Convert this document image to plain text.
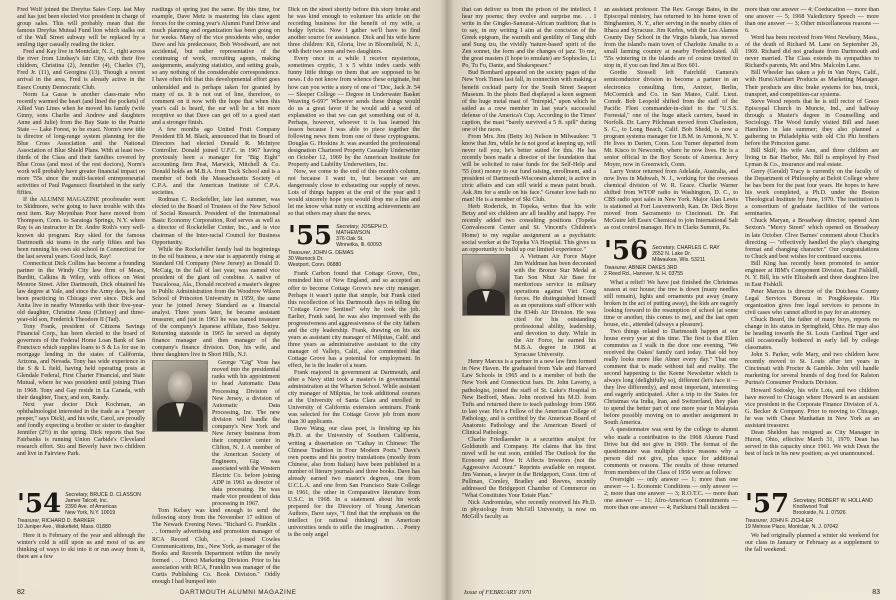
Fred Wolf joined the Dreyfus Sales Corp. last May and has just been elected vice president in charge of group sales. This will probably mean that the famous Dreyfus Mutual Fund lion which stalks out of the Wall Street subway will be replaced by a smiling tiger casually reading the ticker.

Fred and Kay live in Montclair, N. J., right across the river from Lindsay's fair City, with their five children, Christina (2), Jennifer (4), Charles (7), Fred Jr. (11), and Georgina (13). Though a recent arrival in the area, Fred is already active in the Essex County Democratic Club.

Norm La Gasse is another class-mate who recently warmed the heart (and lined the pockets) of Allied Van Lines when he moved his family (wife Ginny, sons Charlie and Andrew and daughters Anne and Julie) from the Bay State to the Prairie State — Lake Forest, to be exact. Norm's new title is director of long-range system planning for the Blue Cross Association and the National Association of Blue Shield Plans. With at least two-thirds of the Class and their families covered by Blue Cross (and most of the rest doctors), Norm's work will probably have greater financial impact on more '55s since the multi-faceted entrepreneurial activities of Paul Paganucci flourished in the early fifties.

If the ALUMNI MAGAZINE proofreader went to Skidmore, we're going to have trouble with this next item. Ray Moynihan Poor have moved from Thompson, Conn. to Saratoga Springs, N.Y. where Ray is an instructor in Dr. Andre Roth's very well-known ski program. Ray skied for the famous Dartmouth ski teams in the early fifties and has been running his own ski school in Connecticut for the last several years. Good luck, Ray!

Connecticut Dick Collins has become a founding partner in the Windy City law firm of Mears, Burditt, Calkins & Wiley, with offices on West Monroe Street. After Dartmouth, Dick obtained his law degree at Yale, and since the Army days, he has been practicing in Chicago ever since. Dick and Anita live in nearby Winnetka with their five-year-old daughter, Christine Anna (Chrissy) and three-year-old son, Frederick Theodore II (Tad).

Tony Frank, president of Citizens Savings Financial Corp., has been elected to the board of governors of the Federal Home Loan Bank of San Francisco which supplies loans to S & Ls for use in mortgage lending in the states of California, Arizona, and Nevada. Tony has wide experience in the S & L field, having held operating posts at Glendale Federal, First Charter Financial, and State Mutual, where he was president until joining Titan in 1968. Tony and Gay reside in La Canada, with their daughter, Tracy, and son, Randy.

Next year doctor Dick Kochman, an ophthalmologist interested in the trade as a "peeper peeper," says Dick), and his wife, Carol, are proudly and fondly expecting a brother or sister to daughter Jennifer (2½) in the spring. Dick reports that Sue Fairbanks is running Union Carbide's Cleveland research effort. Stu and Beverly have two children and live in Fairview Park.

'54 Secretary, BRUCE D. CLASSON
James Talcott, Inc.
2390 Ave. of Americas
New York, N.Y. 10019
Treasurer, RICHARD D. BARKER
10 Juniper Ave., Wakefield, Mass. 01880

Here it is February of the year and although the winter's cold is still upon us and most of us are thinking of ways to ski into it or run away from it, there are a few

rustlings of spring just the same. By this time, for example, Dave Metz is mastering his class agent forces for the coming year's Alumni Fund Drive and much planning and organization has been going on for weeks. Many of the vice presidents who, under Dave and his predecessor, Bob Woodward, are not accidental, but rather representative of the continuing of work, recruiting agents, making assignments, analyzing statistics, and setting goals, so any nothing of the considerable correspondence. I have often felt that this developmental effort goes unheralded and is perhaps taken for granted by many of us. It is not out of line, therefore, to comment on it now with the hope that when this year's call is heard, the ear will be a bit more receptive so that Dave can get off to a good start and a stronger finish.

A few months ago United Fruit Company President Eli M. Black, announced that its Board of Directors had elected Donald R. McIntyre Controller. Donald joined U.F.C. in 1967 having previously been a manager for "Big Eight" accounting firm Peat, Marwick, Mitchell & Co. Donald holds an M.B.A. from Tuck School and is a member of both the Massachusetts Society of C.P.A. and the American Institute of C.P.A. societies.

Rodman C. Rockefeller, late last summer, was elected to the Board of Trustees of the New School of Social Research. President of the International Basic Economy Corporation, Rod serves as well as a director of Rockefeller Center, Inc., and is vice chairman of the Inter-racial Council for Business Opportunity.

While the Rockefeller family had its beginnings in the oil business, a new star is apparently rising at Standard Oil Company (New Jersey) as Donald D. McCaig, in the fall of last year, was named vice president of the giant oil combine. A native of Tuscaloosa, Ala., Donald received a master's degree in Public Administration from the Woodrow Wilson School of Princeton University in 1959, the same year he joined Jersey Standard as a financial analyst. Three years later, he became assistant treasurer, and just in 1963 he was named treasurer of the company's Japanese affiliate, Esso Sekiyu. Returning stateside in 1965 he served as deputy finance manager and then manager of the company's finance division. Don, his wife, and three daughters live in Short Hills, N.J.

George "Gig" Voss has moved into the presidential ranks with his appointment to head Automatic Data Processing Division of New Jersey, a division of Automatic Data Processing, Inc. The new division will handle the company's New York and New Jersey business from their computer center in Clifton, N. J. A member of the American Society of Engineers, Gig was associated with the Western Electric Co. before joining ADP in 1961 as director of data processing. He was made vice president of data processing in 1967.

Tom Kelsey was kind enough to send the following story from the November 17 edition of The Newark Evening News. "Richard G. Franklin . . . formerly advertising and promotion manager of RCA Record Club, . . . joined Cowles Communications, Inc., New York, as manager of the Books and Records Department within the newly formed . . . Direct Marketing Division. Prior to his association with RCA, Franklin was manager of the Curtis Publishing Co. Book Division." Oddly enough I had bumped into

Dick on the street shortly before this story broke and he was kind enough to volunteer his article on the recording business for the benefit of my wife, a budgy lyricist. Now I gather we'll have to find another source for assistance. Dick and his wife have three children: Kit, Gloria, live in Bloomfield, N. J., with their two sons and two daughters.

Every once in a while I receive mysterious, sometimes cryptic, 3 x 5 white index cards with funny little things on them that are supposed to be news. I do not know from whence these originate, but how can you write a story of one of "Doc, Jack Jr. 54 — Sleeper College — Degree in Underwater Basket Weaving 6-69?" Whoever sends these things would do us a great favor if he would add a word of explanation so that we can get something out of it. Perhaps, however, whoever it is has learned his lesson because I was able to piece together the following news item from one of these cryptograms. Douglas G. Hoskins Jr. was awarded the professional designation Chartered Property Casualty Underwriter on October 12, 1969 by the American Institute for Property and Liability Underwriters, Inc.

Now, we come to the end of this month's column, not because I want to, but because we are dangerously close to exhausting our supply of news. Lots of things happen at the end of the year and I would sincerely hope you would drop me a line and let me know what nutty or exciting achievements are so that others may share the news.

'55 Secretary, JOSEPH D. MATHEWSON
376 Oak St.
Winnetka, Ill. 60093
Treasurer, JOHN G. DEMAS
30 Warnock Dr.
Westport, Conn. 06880

Frank Carbon found that Cottage Grove, Ore., reminded him of New England, and so accepted an offer to become Cottage Grove's new city manager. Perhaps it wasn't quite that simple, but Frank cited this recollection of his Dartmouth days in telling the "Cottage Grove Sentinel" why he took the job. Earlier, Frank said, he was also impressed with the progressiveness and aggressiveness of the city fathers and the city leadership. Frank, drawing on his six years as assistant city manager of Milpitas, Calif. and three years as administrative assistant to the city manager of Vallejo, Calif., also commented that Cottage Grove has a potential for employment. In effect, he is the leader of a team.

Frank majored in government at Dartmouth, and after a Navy stint took a master's in governmental administration at the Wharton School. While assistant city manager of Milpitas, he took additional courses at the University of Santa Clara and enrolled in University of California extension seminars. Frank was selected for the Cottage Grove job from more than 30 applicants.

Dave Wang, our class poet, is finishing up his Ph.D. at the University of Southern California, writing a dissertation on "Cathay in Chinese: The Chinese Tradition in Four Modern Poets." Dave's own poems and his poetry translations (mostly from Chinese, also from Italian) have been published in a number of literary journals and three books. Dave has already earned two master's degrees, one from U.C.L.A. and one from San Francisco State College in 1961, the other in Comparative literature from U.S.C. in 1968. In a statement about his work prepared for the Directory of Young American Authors, Dave says, "I find that the emphasis on the intellect (or rational thinking) in American universities tends to stifle the imagination. . . Poetry is the only angel

82	DARTMOUTH ALUMNI MAGAZINE

that can deliver us from the prison of the intellect. I hear my poems; they evolve and surprise me. . . I write in the Gingko-Samurai-African tradition; that is to say, in my writing I aim at the concision of the Greek epigram, the warmth and gentility of Tang shih and Sung tzu, the vividly 'nature-based' spirit of the Zen sonnet, the form and the changes of jazz. To me, the great masters (I hope to emulate) are Sophocles, Li Po, Tu Fu, Dante, and Shakespeare."

Bud Bombard appeared on the society pages of the New York Times last fall, in connection with making a benefit cocktail party for the South Street Seaport Museum. In the photo Bud displayed a keen segment of the huge metal mast of "Intrepid," upon which he sailed as a crew member in last year's successful defense of the America's Cup. According to the Times' caption, the mast "barely survived a 5 ft. spill" during one of the races.

From Mrs. Jim (Betty Jo) Nelson in Milwaukee: "I know that Jim, while he is not good at keeping up, will never tell you; he's better suited for this. He has recently been made a director of the foundation that will be solicited to raise funds for the Self-Help and '55 (not) money to our fund raising, enrollment, and a president of Dartmouth-Wisconsin alumni; is active in civic affairs and can still wield a mean paint brush. Ask Jim for a smile on his face." Greater love hath no man! He is a member of Ski Club.

Herb Roderick, in Topeka, writes that his wife Betsy and six children are all healthy and happy. I've recently added two consulting positions (Topeka Convalescent Center and St. Vincent's Children's Home) to my regular assignment as a psychiatric social worker at the Topeka VA Hospital. This gives us an opportunity to build up our limited experience."

A Vietnam Air Force Major Jim Waldman has been decorated with the Bronze Star Medal at Tan Son Nhut Air Base for meritorious service in military operations against Viet Cong forces. He distinguished himself as an operations staff officer with the 834th Air Division. He was cited for his outstanding professional ability, leadership, and devotion to duty. While in the Air Force, he earned his M.B.A. degree in 1968 at Syracuse University.

Henry Marcus is a partner in a new law firm formed in New Haven. He graduated from Yale and Harvard Law Schools in 1965 and is a member of both the New York and Connecticut bars. Dr. John Laverty, a pathologist, joined the staff of St. Luke's Hospital in New Bedford, Mass. John received his M.D. from Tufts and returned there to teach pathology from 1966 to last year. He's a Fellow of the American College of Pathology, and is certified by the American Board of Anatomic Pathology and the American Board of Clinical Pathology.

Charlie Friedlaender is a securities analyst for Goldsmith and Company. He claims that his first novel will be out soon, entitled The Outlook for the Economy and How It Affects Investors (not the Aggressive Account." Reprints available on request. Jim Vannan, a lawyer in the Bridgeport, Conn. firm of Pullman, Comley, Bradley and Reeves, recently addressed the Bridgeport Chamber of Commerce on "What Constitutes Your Estate Plan."

Nick Andromidas, who recently received his Ph.D. in physiology from McGill University, is now on McGill's faculty as

an assistant professor. The Rev. George Bates, in the Episcopal ministry, has returned to his home town of Binghamton, N. Y., after serving in the nearby cities of Ithaca and Syracuse. Jim Kerbis, with the Los Alamos County Day School in the Virgin Islands, has moved from the island's main town of Charlotte Amalie to a small farming country at nearby Fredericksted. All '55s wintering in the islands are of course invited to stop in, if you can find Jim at Box 601.

Gordie Stossell left Fairchild Camera's semiconductor division to become a partner in an electronics consulting firm, Anixter, Berlin, McCormick and Co. in San Mateo, Calif. Lieut. Comdr. Bob Leopold shifted from the staff of the Pacific Fleet commander-in-chief to the "U.S.S. Forrestal," one of the huge attack carriers, based in Norfolk. Dr. Larry Pilchman moved from Charleston, S. C., to Long Beach, Calif. Bob Shedd, is now a program systems manager for I.B.M. in Armonk, N. Y. He lives in Darien, Conn. Lou Turner departed from Mt. Kisco to Newcomb, where he now lives. He is a senior official in the Boy Scouts of America. Jerry Moyer, now in Greenwich, Conn.

Larry Yestor returned from Adelaide, Australia, and now lives in Mahwah, N. J., working for the overseas chemical division of W. R. Grace. Charlie Warner shifted from WTOP radio in Washington, D. C., to CBS radio spot sales in New York. Major Alan Lewis is stationed at Fort Leavenworth, Kan. Dr. Dick Boye moved from Sacramento to Cincinnati. Dr. Pat McGuire left Essex Chemical to join International Salt as cost control manager. He's in Clarks Summit, Pa.

'56 Secretary, CHARLES C. RAY
2652 N. Lake Dr.
Milwaukee, Wis. 53211
Treasurer, ABNER OAKES 3RD
2 Reed Rd., Hanover, N. H. 03755

What a relief! We have just finished the Christmas season at our house; the tree is down (many needles still remain), lights and ornaments put away (many broken in the act of putting away), the kids are eagerly looking forward to the resumption of school (at some time or another, this comes to me), and the last open house, etc., attended (always a pleasure).

Two things related to Dartmouth happen at our house every year at this time. The first is that Ellen commutes as I walk in the door one evening, "We received the Oakes' family card today. That old boy really looks more like Abner every day." That one comment that is made without fail and reality. The second happening is the Keene Newsletter which is always long (delightfully so), different (let's face it — they live differently), and most important, interesting and eagerly anticipated. After a trip to the States for Christmas via India, Iran, and Switzerland, they plan to spend the better part of one more year in Malaysia before possibly moving on to another assignment in South America.

A questionnaire was sent by the college to alumni who made a contribution to the 1968 Alumni Fund Drive but did not give in 1969. The format of the questionnaire was multiple choice reasons why a person did not give, plus space for additional comments or reasons. The results of those returned from members of the Class of 1956 were as follows:

Oversight — only answer — 1; more than one answer — 1. Economic Conditions — only answer — 2; more than one answer — 3; R.O.T.C. — more than one answer — 11; Afro-American Commitments — more than one answer — 4; Parkhurst Hall incident —

more than one answer — 4; Coeducation — more than one answer — 5; 1968 Valedictory Speech — more than one answer — 3; Other miscellaneous reasons — 6.

Word has been received from West Newbury, Mass., of the death of Richard M. Lane on September 26, 1969. Richard did not graduate from Dartmouth and never married. The Class extends its sympathies to Richard's parents, Mr. and Mrs. Malcolm Lane.

Bill Wheeler has taken a job in Van Nuys, Calif., with Hurst/Airheart Products as Marketing Manager. Their products are disc brake systems for bus, truck, transport, and competition-car systems.

Steve Wood reports that he is still rector of Grace Episcopal Church in Muncie, Ind., and halfway through a Master's degree in Counselling and Sociology. The Wood family visited Bill and Janet Hamilton in late summer; they also planned a gathering in Philadelphia with old Chi Phi brothers before the Princeton game.

Bill Skiff, his wife Ann, and three children are living in Bar Harbor, Me. Bill is employed by Fred Lyman & Co., insurance and real estate.

Gerry (Gerald) Tracy is currently on the faculty of the Department of Philosophy at Beloit College where he has been for the past four years. He hopes to have his work completed, a Ph.D. under the Boston Theological Institute by June, 1970. The institution is a consortium of graduate facilities of the various seminaries.

Chuck Maryan, a Broadway director, opened Ann Sexton's "Mercy Street" which opened on Broadway in late October. Clive Barnes' comment about Chuck's directing — "effectively handled the play's changing format and changing character." Our congratulations to Chuck and best wishes for continued success.

Bill King has recently been promoted to senior engineer at IBM's Component Division, East Fishkill, N. Y. Bill, his wife Elizabeth and three daughters live in East Fishkill.

Peter Marcus is director of the Dutchess County Legal Services Bureau in Poughkeepsie. His organization gives free legal services to persons in civil cases who cannot afford to pay for an attorney.

Chuck Beard, the father of many boys, reports no change in his status in Springfield, Ohio. He may also be heading towards the St. Louis Cardinal Tiger and still occasionally bothered in early fall by college classmates.

John S. Parker, wife Mary, and two children have recently moved to St. Louis after ten years in Cincinnati with Procter & Gamble. John will handle marketing for several brands of dog food for Ralston Purina's Consumer Products Division.

Howard Sodosky, his wife Lois, and two children have moved to Chicago where Howard is an assistant vice president in the Corporate Finance Division of A. G. Becker & Company. Prior to moving to Chicago, he was with Chase Manhattan in New York as an assistant treasurer.

Dean Sheldon has resigned as City Manager in Huron, Ohio, effective March 31, 1970. Dean has served in this capacity since 1961. We wish Dean the best of luck in his new position; as yet unannounced.

'57 Secretary, ROBERT W. HOLLAND
Knollwood Trail
Brookside, N. J. 07926
Treasurer, JOHN F. ZICHLER
19 Melrose Place, Montclair, N. J. 07042

We had originally planned a winter ski weekend for our class in January or February as a supplement to the fall weekend.

Issue of FEBRUARY 1970	83
